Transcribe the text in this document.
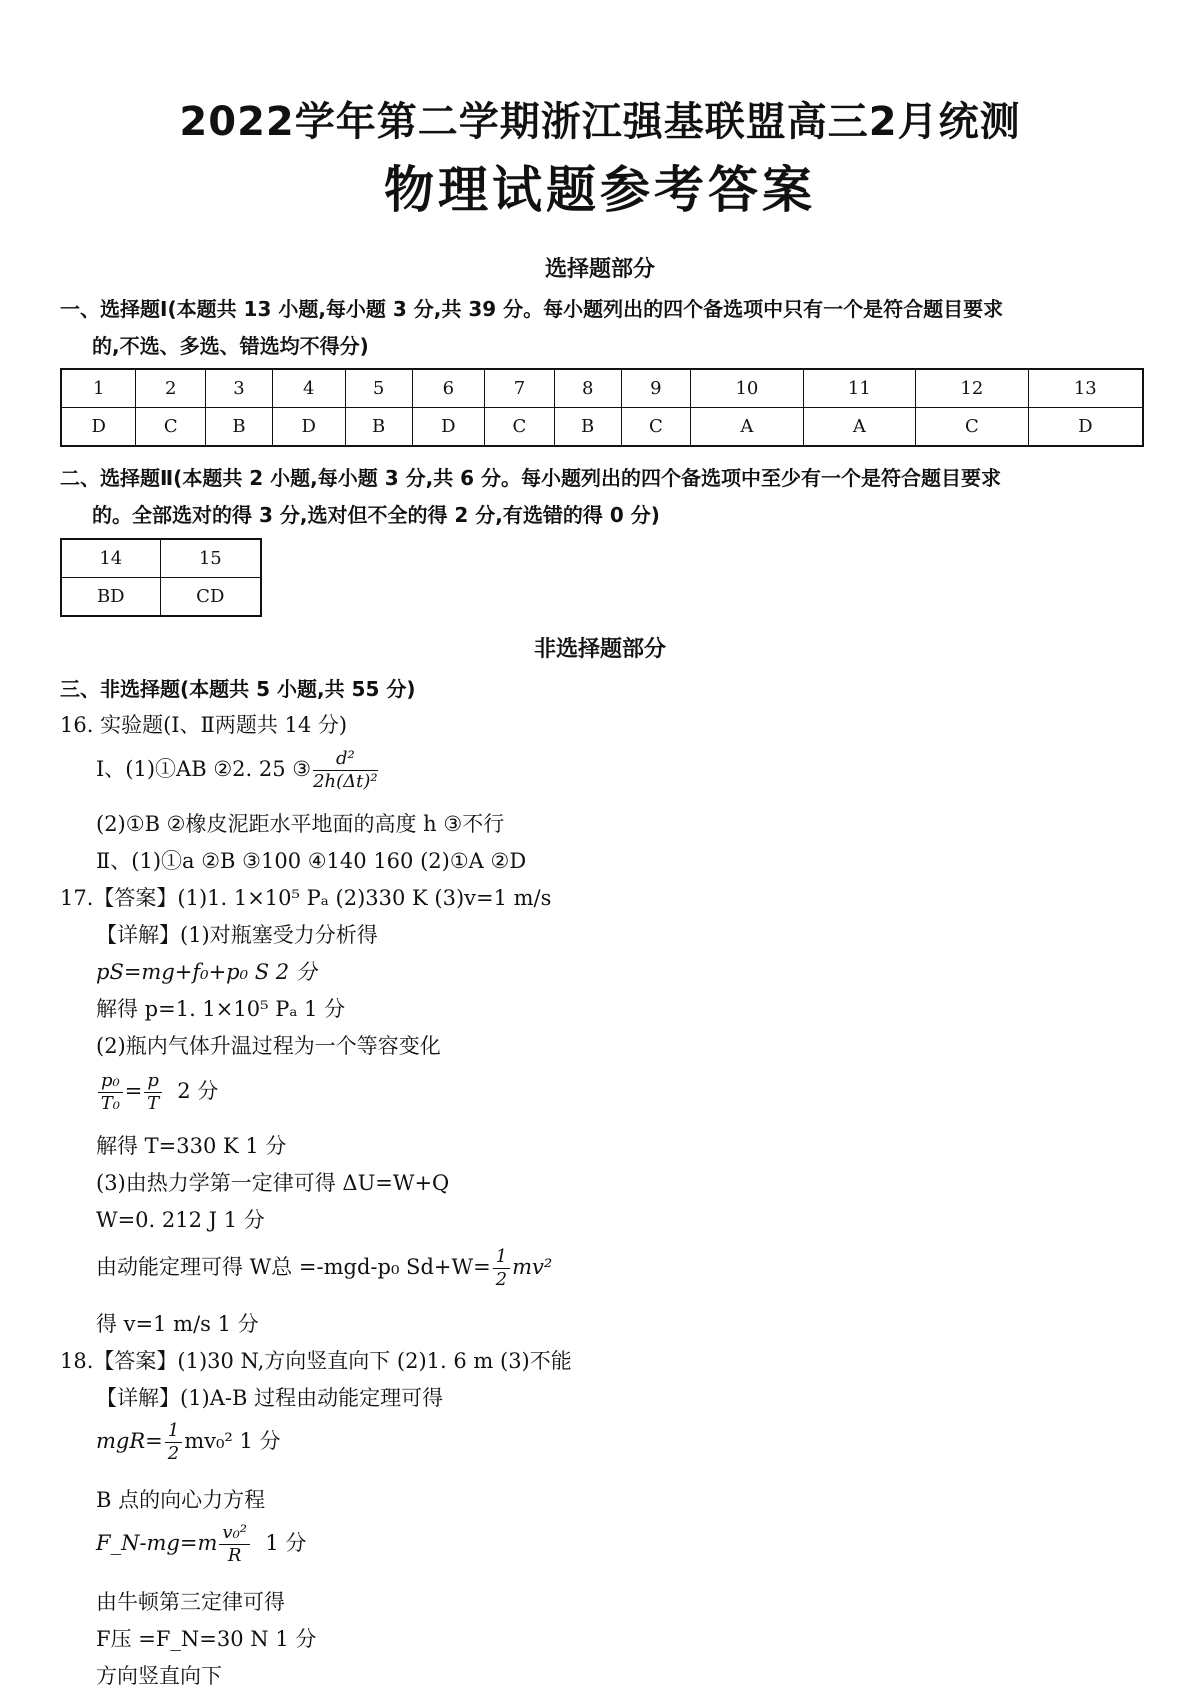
2022学年第二学期浙江强基联盟高三2月统测
物理试题参考答案
选择题部分
一、选择题Ⅰ(本题共 13 小题,每小题 3 分,共 39 分。每小题列出的四个备选项中只有一个是符合题目要求
的,不选、多选、错选均不得分)
1	2	3	4	5	6	7	8	9	10	11	12	13
D	C	B	D	B	D	C	B	C	A	A	C	D
二、选择题Ⅱ(本题共 2 小题,每小题 3 分,共 6 分。每小题列出的四个备选项中至少有一个是符合题目要求
的。全部选对的得 3 分,选对但不全的得 2 分,有选错的得 0 分)
14	15
BD	CD
非选择题部分
三、非选择题(本题共 5 小题,共 55 分)
16. 实验题(Ⅰ、Ⅱ两题共 14 分)
Ⅰ、(1)①AB ②2. 25 ③ $\frac{\text{d²}}{\text{2h(Δt)²}}$
(2)①B ②橡皮泥距水平地面的高度 h ③不行
Ⅱ、(1)①a ②B ③100 ④140 160 (2)①A ②D
17.【答案】(1)1. 1×10⁵ Pₐ (2)330 K (3)v=1 m/s
【详解】(1)对瓶塞受力分析得
pS=mg+f₀+p₀ S 2 分
解得 p=1. 1×10⁵ Pₐ 1 分
(2)瓶内气体升温过程为一个等容变化
$\frac{\text{p₀}}{\text{T₀}} = \frac{p}{T} 2$ 分
解得 T=330 K 1 分
(3)由热力学第一定律可得 ΔU=W+Q
W=0. 212 J 1 分
由动能定理可得 W总 =-mgd-p₀ $Sd+W= \frac{1}{2} mv^2$
得 v=1 m/s 1 分
18.【答案】(1)30 N,方向竖直向下 (2)1. 6 m (3)不能
【详解】(1)A-B 过程由动能定理可得
$mgR= \frac{1}{2} mv_0^2$ 1 分
B 点的向心力方程
F_N-mg=m $\frac{\text{v₀²}}{R} 1$ 分
由牛顿第三定律可得
F压 =F_N=30 N 1 分
方向竖直向下
